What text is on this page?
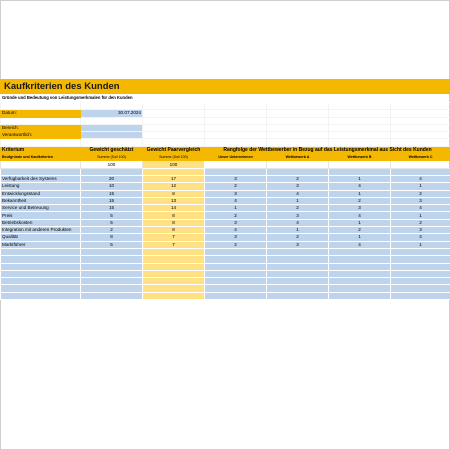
Kaufkriterien des Kunden						
Gründe und Bedeutung von Leistungsmerkmalen für den Kunden						

Datum:	30.07.2024					

Bereich:						
Verantwortlich:						

Kriterium	Gewicht geschätzt	Gewicht Paarvergleich	Rangfolge der Wettbewerber in Bezug auf das Leistungsmerkmal aus Sicht des Kunden			
Beufgründe und Kaufkriterien	Summe (Soll 100)	Summe (Soll 100)	Unser Unternehmen	Wettbewerb A	Wettbewerb B	Wettbewerb C
	100	100				

Verfügbarkeit des Systems	20	17	3	2	1	4
Leistung	10	12	2	3	4	1
Entwicklungsstand	15	8	3	4	1	2
Bekanntheit	15	13	4	1	2	3
Service und Betreuung	15	14	1	2	3	4
Preis	5	8	2	3	4	1
Betriebskosten	5	8	3	4	1	2
Integration mit anderen Produkten	2	8	4	1	2	3
Qualität	8	7	3	2	1	4
Marktführer	5	7	2	3	4	1
